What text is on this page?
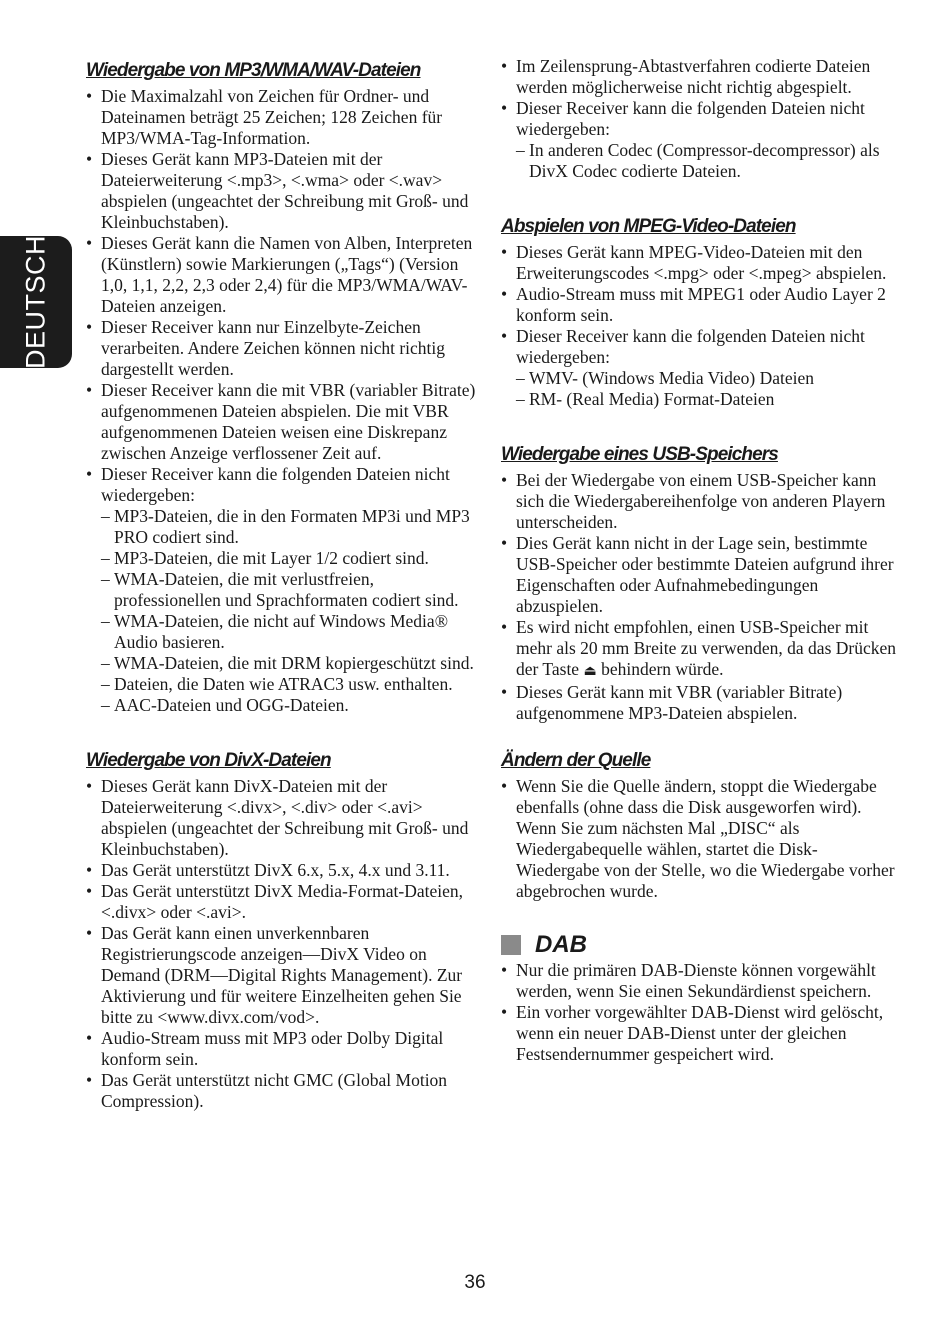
DEUTSCH
Wiedergabe von MP3/WMA/WAV-Dateien
• Die Maximalzahl von Zeichen für Ordner- und Dateinamen beträgt 25 Zeichen; 128 Zeichen für MP3/WMA-Tag-Information.
• Dieses Gerät kann MP3-Dateien mit der Dateierweiterung <.mp3>, <.wma> oder <.wav> abspielen (ungeachtet der Schreibung mit Groß- und Kleinbuchstaben).
• Dieses Gerät kann die Namen von Alben, Interpreten (Künstlern) sowie Markierungen („Tags“) (Version 1,0, 1,1, 2,2, 2,3 oder 2,4) für die MP3/WMA/WAV-Dateien anzeigen.
• Dieser Receiver kann nur Einzelbyte-Zeichen verarbeiten. Andere Zeichen können nicht richtig dargestellt werden.
• Dieser Receiver kann die mit VBR (variabler Bitrate) aufgenommenen Dateien abspielen. Die mit VBR aufgenommenen Dateien weisen eine Diskrepanz zwischen Anzeige verflossener Zeit auf.
• Dieser Receiver kann die folgenden Dateien nicht wiedergeben:
– MP3-Dateien, die in den Formaten MP3i und MP3 PRO codiert sind.
– MP3-Dateien, die mit Layer 1/2 codiert sind.
– WMA-Dateien, die mit verlustfreien, professionellen und Sprachformaten codiert sind.
– WMA-Dateien, die nicht auf Windows Media® Audio basieren.
– WMA-Dateien, die mit DRM kopiergeschützt sind.
– Dateien, die Daten wie ATRAC3 usw. enthalten.
– AAC-Dateien und OGG-Dateien.
Wiedergabe von DivX-Dateien
• Dieses Gerät kann DivX-Dateien mit der Dateierweiterung <.divx>, <.div> oder <.avi> abspielen (ungeachtet der Schreibung mit Groß- und Kleinbuchstaben).
• Das Gerät unterstützt DivX 6.x, 5.x, 4.x und 3.11.
• Das Gerät unterstützt DivX Media-Format-Dateien, <.divx> oder <.avi>.
• Das Gerät kann einen unverkennbaren Registrierungscode anzeigen—DivX Video on Demand (DRM—Digital Rights Management). Zur Aktivierung und für weitere Einzelheiten gehen Sie bitte zu <www.divx.com/vod>.
• Audio-Stream muss mit MP3 oder Dolby Digital konform sein.
• Das Gerät unterstützt nicht GMC (Global Motion Compression).
• Im Zeilensprung-Abtastverfahren codierte Dateien werden möglicherweise nicht richtig abgespielt.
• Dieser Receiver kann die folgenden Dateien nicht wiedergeben:
– In anderen Codec (Compressor-decompressor) als DivX Codec codierte Dateien.
Abspielen von MPEG-Video-Dateien
• Dieses Gerät kann MPEG-Video-Dateien mit den Erweiterungscodes <.mpg> oder <.mpeg> abspielen.
• Audio-Stream muss mit MPEG1 oder Audio Layer 2 konform sein.
• Dieser Receiver kann die folgenden Dateien nicht wiedergeben:
– WMV- (Windows Media Video) Dateien
– RM- (Real Media) Format-Dateien
Wiedergabe eines USB-Speichers
• Bei der Wiedergabe von einem USB-Speicher kann sich die Wiedergabereihenfolge von anderen Playern unterscheiden.
• Dies Gerät kann nicht in der Lage sein, bestimmte USB-Speicher oder bestimmte Dateien aufgrund ihrer Eigenschaften oder Aufnahmebedingungen abzuspielen.
• Es wird nicht empfohlen, einen USB-Speicher mit mehr als 20 mm Breite zu verwenden, da das Drücken der Taste ⏏ behindern würde.
• Dieses Gerät kann mit VBR (variabler Bitrate) aufgenommene MP3-Dateien abspielen.
Ändern der Quelle
• Wenn Sie die Quelle ändern, stoppt die Wiedergabe ebenfalls (ohne dass die Disk ausgeworfen wird).
Wenn Sie zum nächsten Mal „DISC“ als Wiedergabequelle wählen, startet die Disk-Wiedergabe von der Stelle, wo die Wiedergabe vorher abgebrochen wurde.
DAB
• Nur die primären DAB-Dienste können vorgewählt werden, wenn Sie einen Sekundärdienst speichern.
• Ein vorher vorgewählter DAB-Dienst wird gelöscht, wenn ein neuer DAB-Dienst unter der gleichen Festsendernummer gespeichert wird.
36
